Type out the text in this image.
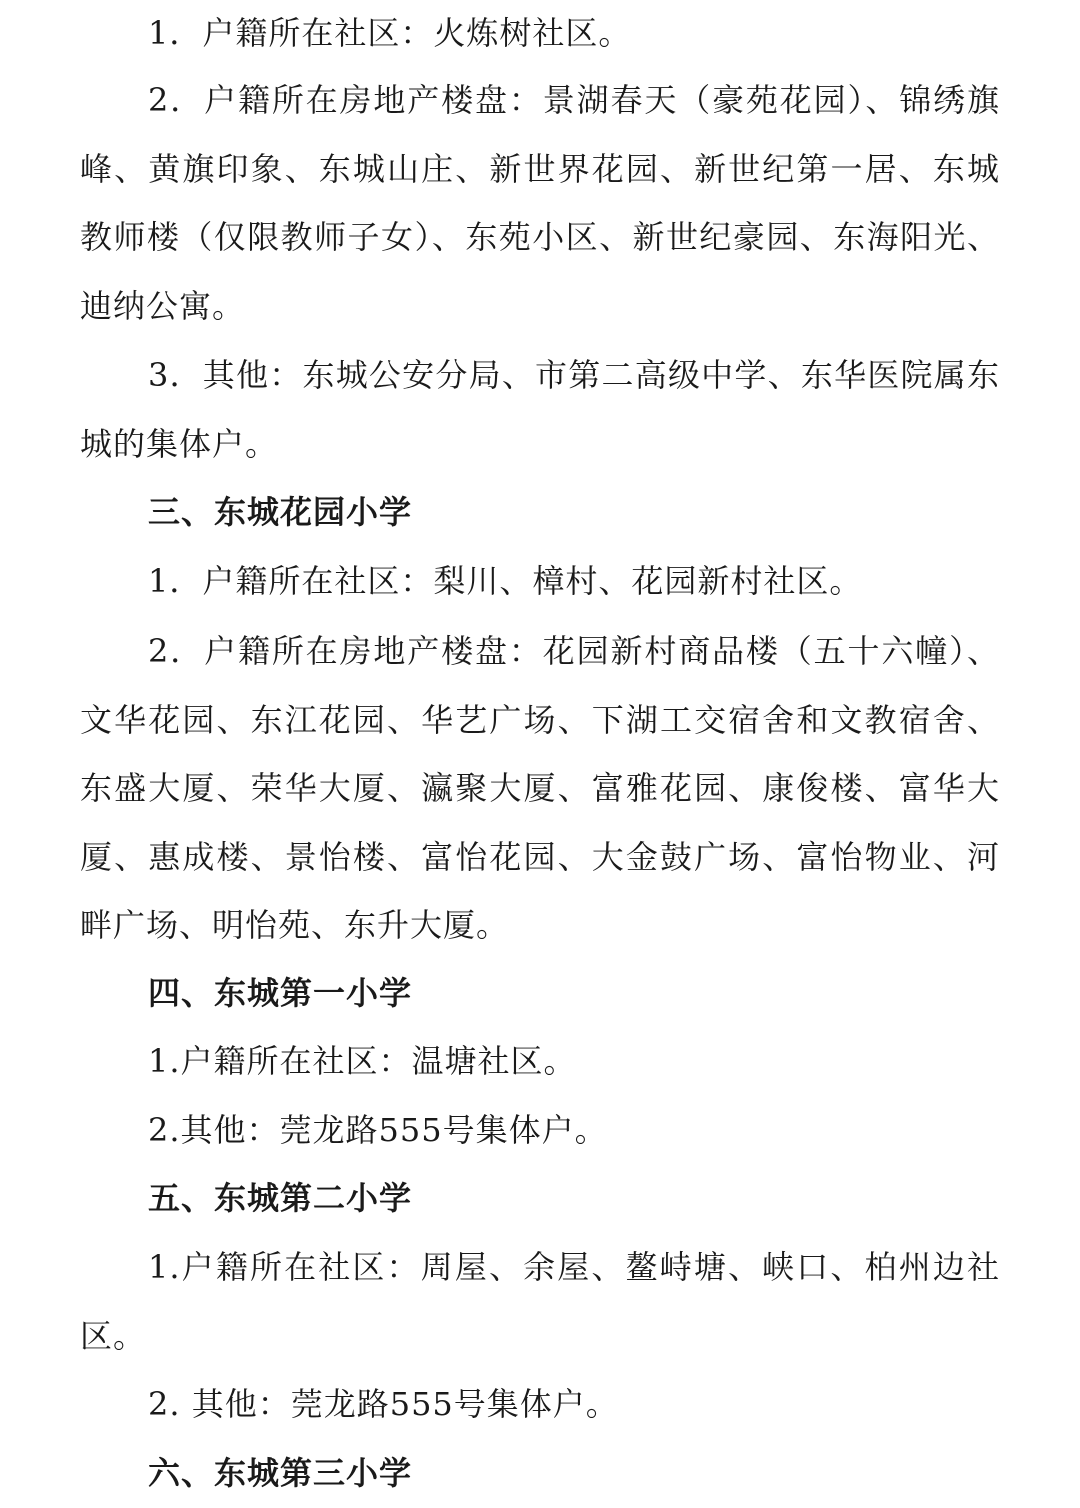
1．户籍所在社区：火炼树社区。

2．户籍所在房地产楼盘：景湖春天（豪苑花园）、锦绣旗峰、黄旗印象、东城山庄、新世界花园、新世纪第一居、东城教师楼（仅限教师子女）、东苑小区、新世纪豪园、东海阳光、迪纳公寓。

3．其他：东城公安分局、市第二高级中学、东华医院属东城的集体户。

三、东城花园小学

1．户籍所在社区：梨川、樟村、花园新村社区。

2．户籍所在房地产楼盘：花园新村商品楼（五十六幢）、文华花园、东江花园、华艺广场、下湖工交宿舍和文教宿舍、东盛大厦、荣华大厦、瀛聚大厦、富雅花园、康俊楼、富华大厦、惠成楼、景怡楼、富怡花园、大金鼓广场、富怡物业、河畔广场、明怡苑、东升大厦。

四、东城第一小学

1.户籍所在社区：温塘社区。

2.其他：莞龙路555号集体户。

五、东城第二小学

1.户籍所在社区：周屋、余屋、鳌峙塘、峡口、柏州边社区。

2. 其他：莞龙路555号集体户。

六、东城第三小学
